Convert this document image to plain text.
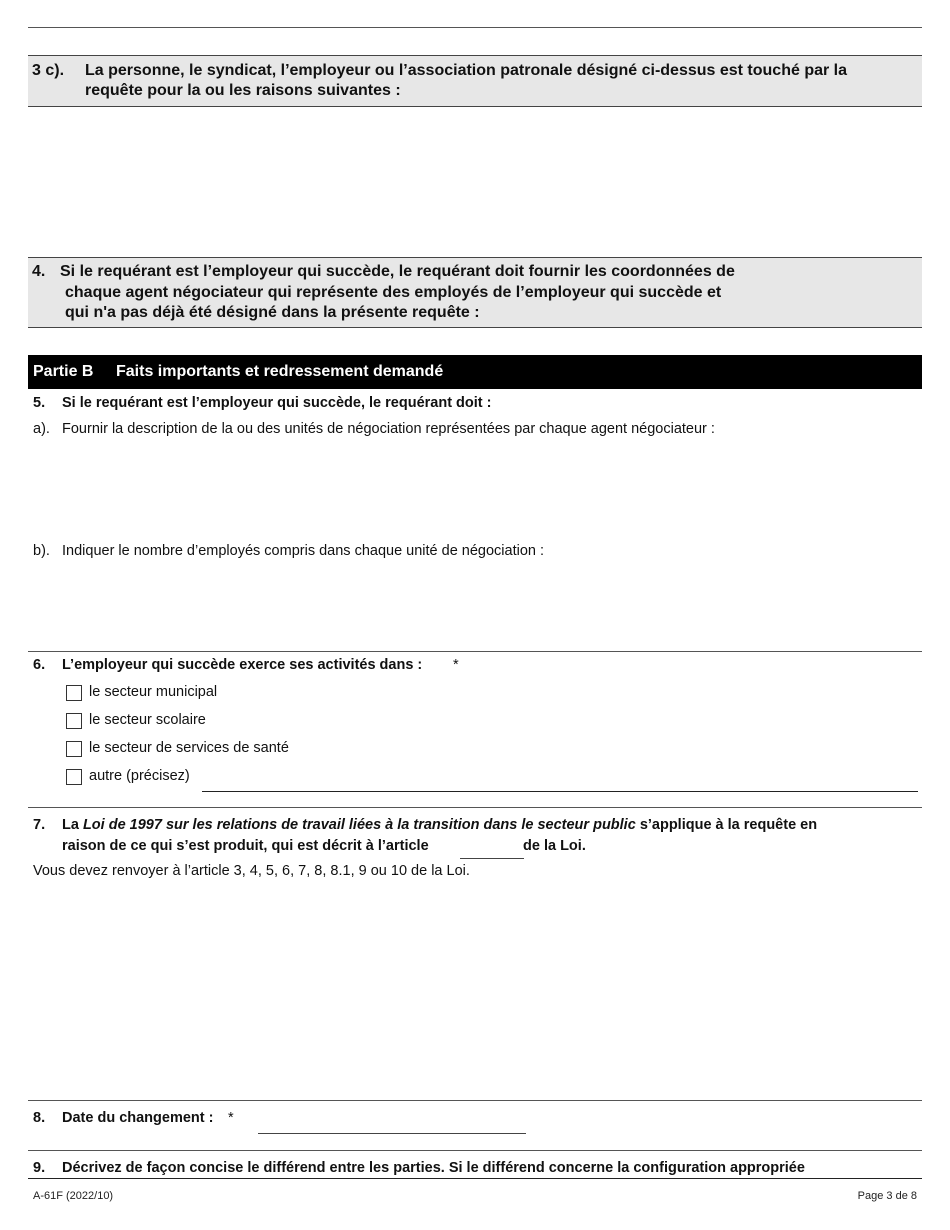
3 c). La personne, le syndicat, l’employeur ou l’association patronale désigné ci-dessus est touché par la
requête pour la ou les raisons suivantes :
4. Si le requérant est l’employeur qui succède, le requérant doit fournir les coordonnées de
chaque agent négociateur qui représente des employés de l’employeur qui succède et
qui n'a pas déjà été désigné dans la présente requête :
Partie B Faits importants et redressement demandé
5. Si le requérant est l’employeur qui succède, le requérant doit :
a). Fournir la description de la ou des unités de négociation représentées par chaque agent négociateur :
b). Indiquer le nombre d’employés compris dans chaque unité de négociation :
6. L’employeur qui succède exerce ses activités dans : *
le secteur municipal
le secteur scolaire
le secteur de services de santé
autre (précisez)
7. La Loi de 1997 sur les relations de travail liées à la transition dans le secteur public s’applique à la requête en
raison de ce qui s’est produit, qui est décrit à l’article	de la Loi.
Vous devez renvoyer à l’article 3, 4, 5, 6, 7, 8, 8.1, 9 ou 10 de la Loi.
8. Date du changement : *
9. Décrivez de façon concise le différend entre les parties. Si le différend concerne la configuration appropriée
A-61F (2022/10)	Page 3 de 8
